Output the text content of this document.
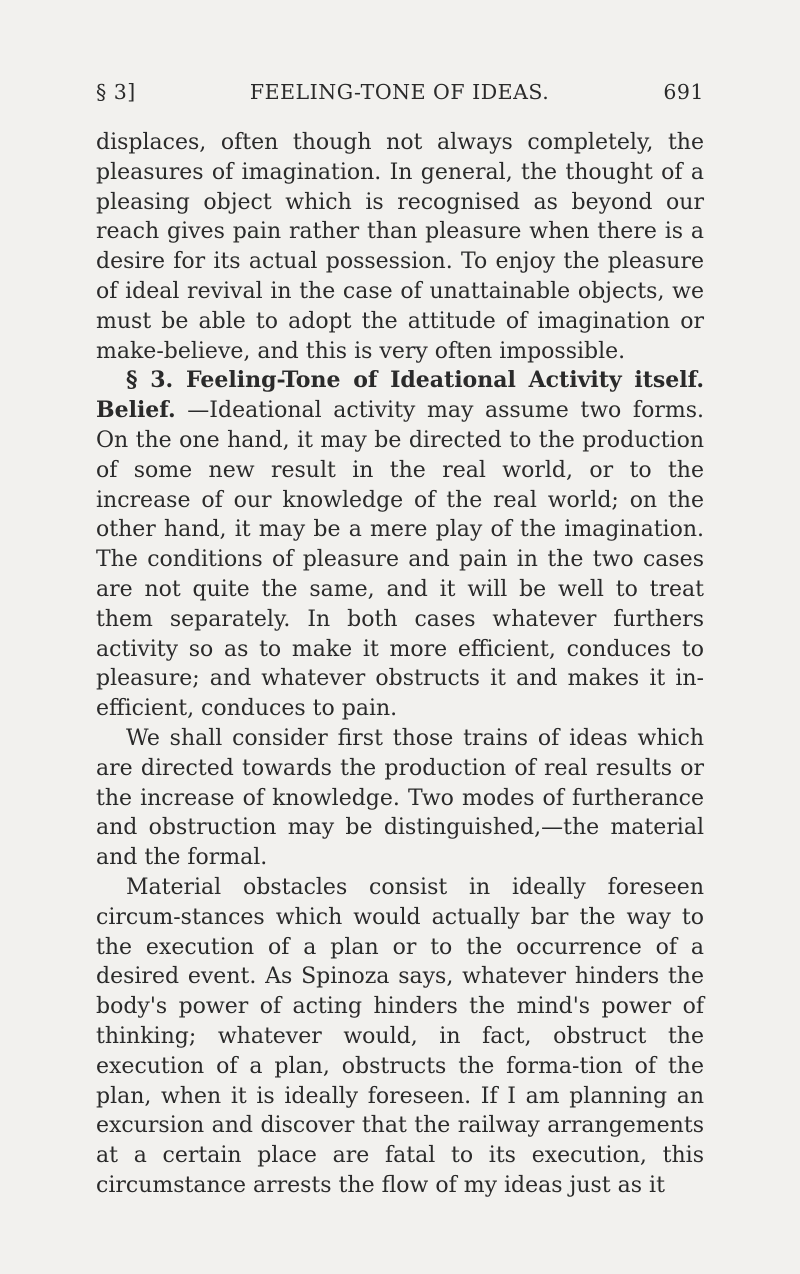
§ 3]	FEELING-TONE OF IDEAS.	691

displaces, often though not always completely, the pleasures of imagination. In general, the thought of a pleasing object which is recognised as beyond our reach gives pain rather than pleasure when there is a desire for its actual possession. To enjoy the pleasure of ideal revival in the case of unattainable objects, we must be able to adopt the attitude of imagination or make-believe, and this is very often impossible.

§ 3. Feeling-Tone of Ideational Activity itself. Belief. —Ideational activity may assume two forms. On the one hand, it may be directed to the production of some new result in the real world, or to the increase of our knowledge of the real world; on the other hand, it may be a mere play of the imagination. The conditions of pleasure and pain in the two cases are not quite the same, and it will be well to treat them separately. In both cases whatever furthers activity so as to make it more efficient, conduces to pleasure; and whatever obstructs it and makes it in-efficient, conduces to pain.

We shall consider first those trains of ideas which are directed towards the production of real results or the increase of knowledge. Two modes of furtherance and obstruction may be distinguished,—the material and the formal.

Material obstacles consist in ideally foreseen circum-stances which would actually bar the way to the execution of a plan or to the occurrence of a desired event. As Spinoza says, whatever hinders the body's power of acting hinders the mind's power of thinking; whatever would, in fact, obstruct the execution of a plan, obstructs the forma-tion of the plan, when it is ideally foreseen. If I am planning an excursion and discover that the railway arrangements at a certain place are fatal to its execution, this circumstance arrests the flow of my ideas just as it
